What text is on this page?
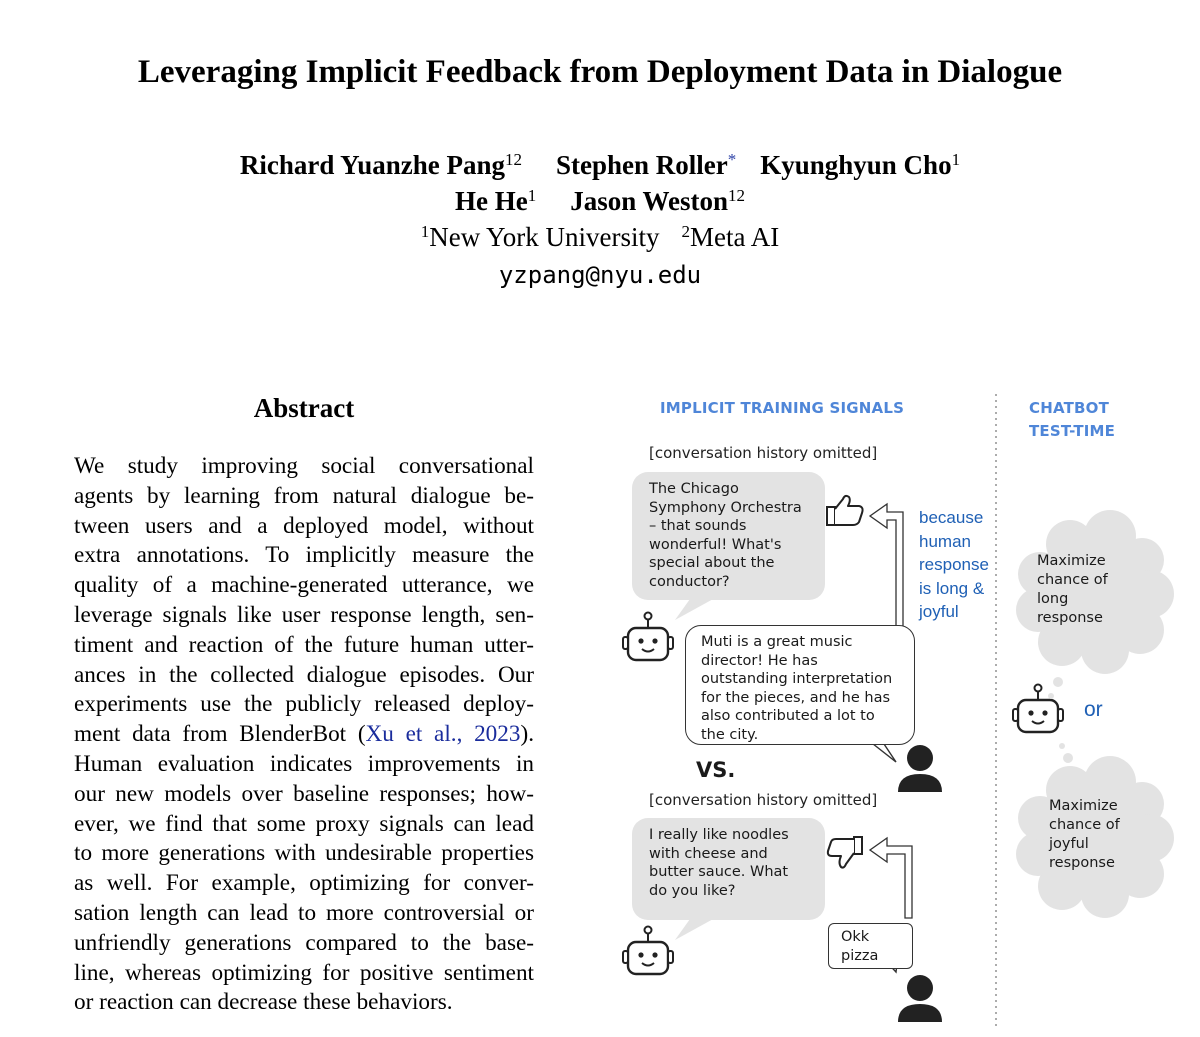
Leveraging Implicit Feedback from Deployment Data in Dialogue
Richard Yuanzhe Pang$^{12}$ Stephen Roller* Kyunghyun Cho$^1$
He He$^1$ Jason Weston$^{12}$
$^1$New York University $^2$Meta AI
yzpang@nyu.edu
Abstract
We study improving social conversational
agents by learning from natural dialogue be-
tween users and a deployed model, without
extra annotations. To implicitly measure the
quality of a machine-generated utterance, we
leverage signals like user response length, sen-
timent and reaction of the future human utter-
ances in the collected dialogue episodes. Our
experiments use the publicly released deploy-
ment data from BlenderBot (Xu et al., 2023).
Human evaluation indicates improvements in
our new models over baseline responses; how-
ever, we find that some proxy signals can lead
to more generations with undesirable properties
as well. For example, optimizing for conver-
sation length can lead to more controversial or
unfriendly generations compared to the base-
line, whereas optimizing for positive sentiment
or reaction can decrease these behaviors.
IMPLICIT TRAINING SIGNALS	CHATBOT
TEST-TIME
[conversation history omitted]
The Chicago
Symphony Orchestra
– that sounds
wonderful! What's
special about the
conductor?
because
human
response
is long &
joyful
Muti is a great music
director! He has
outstanding interpretation
for the pieces, and he has
also contributed a lot to
the city.
VS.
[conversation history omitted]
I really like noodles
with cheese and
butter sauce. What
do you like?
Okk
pizza
Maximize
chance of
long
response
or
Maximize
chance of
joyful
response
